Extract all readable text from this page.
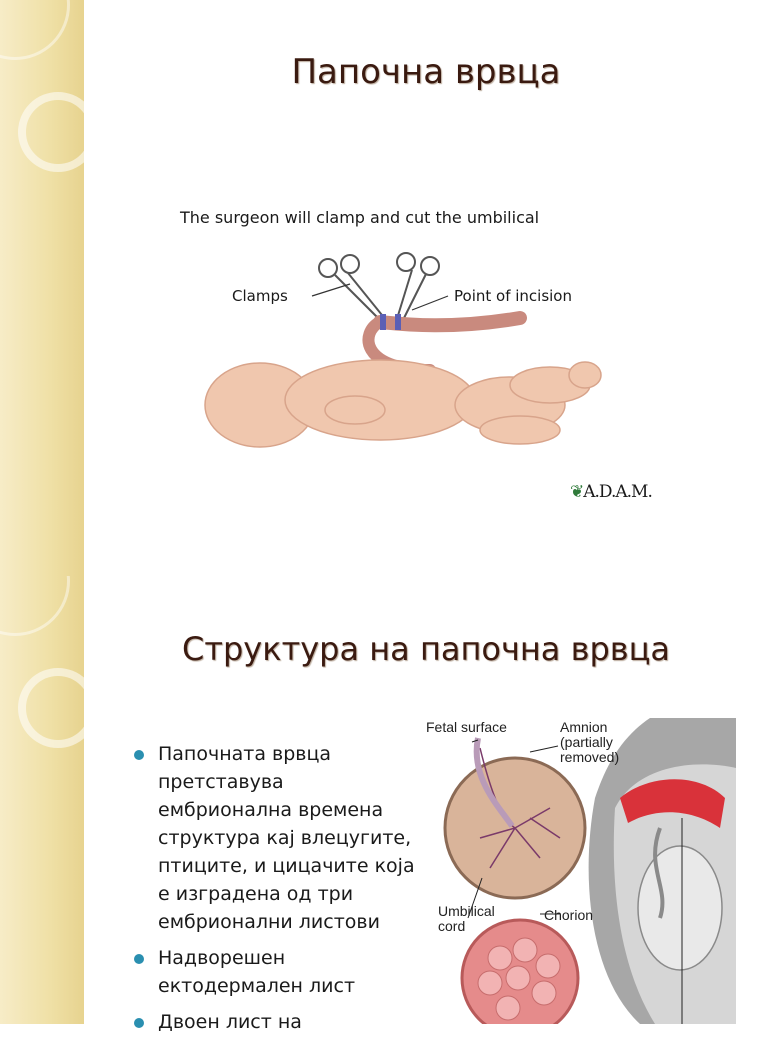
Папочна врвца
The surgeon will clamp and cut the umbilical
Clamps	Point of incision
❦A.D.A.M.
Структура на папочна врвца
Папочната врвца претставува ембрионална времена структура кај влецугите, птиците, и цицачите која е изградена од три ембрионални листови
Надворешен ектодермален лист
Двоен лист на
Fetal surface	Amnion (partially removed)
Umbilical cord
Chorion
